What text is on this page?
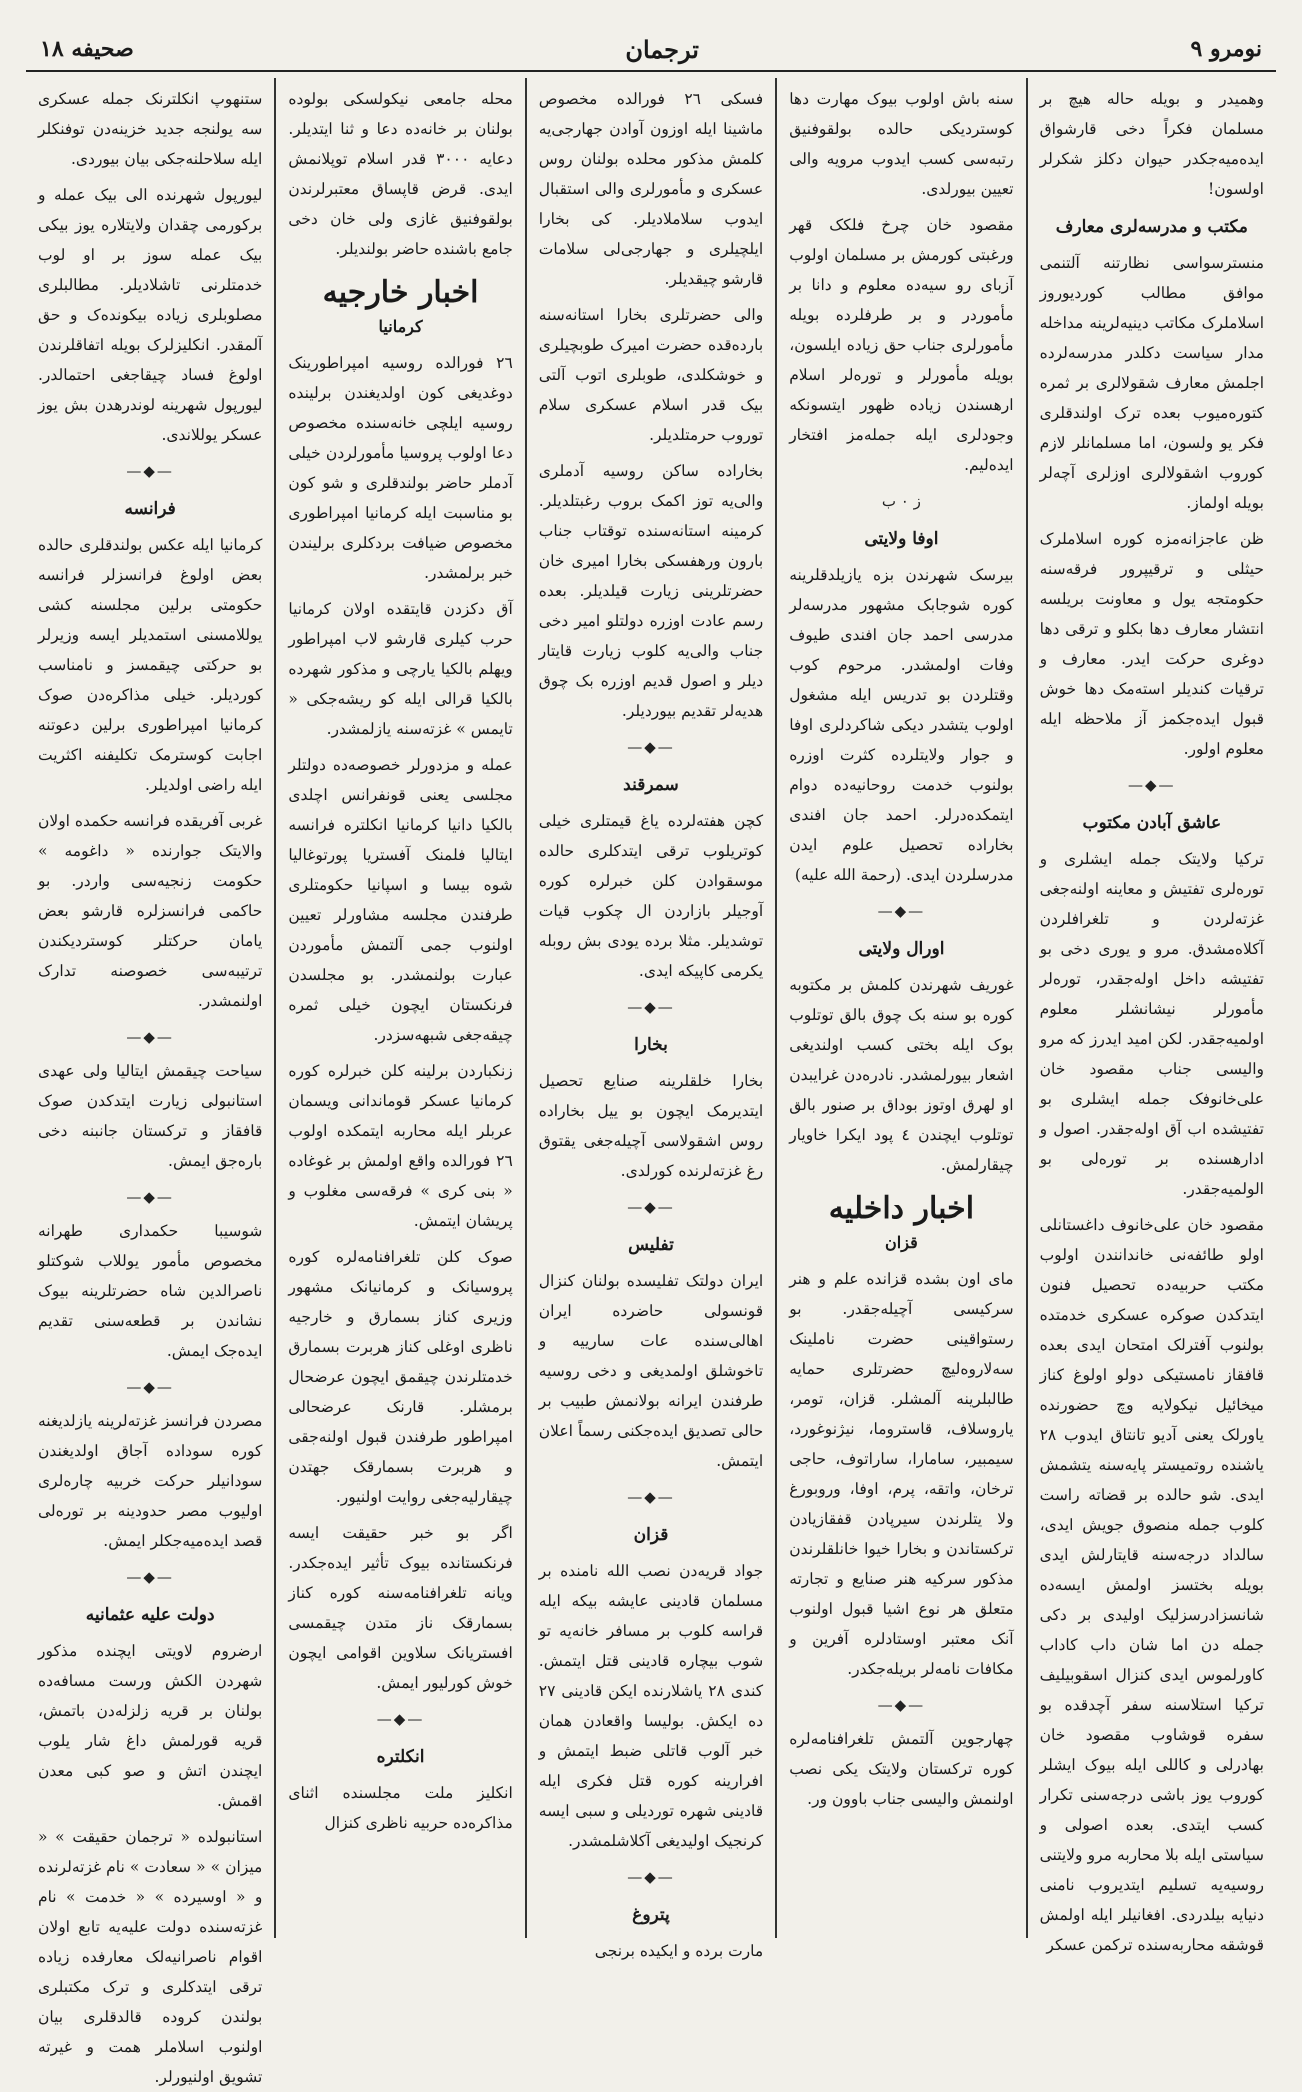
نومرو ۹
ترجمان
صحیفه ۱۸

وهمیدر و بویله حاله هیچ بر مسلمان فکراً دخی قارشواق ایده‌میه‌جکدر حیوان دکلز شکرلر اولسون!

مکتب و مدرسه‌لری معارف

منسترسواسی نظارتنه آلتنمی موافق مطالب کوردیوروز اسلاملرک مکاتب دینیه‌لرینه مداخله مدار سیاست دکلدر مدرسه‌لرده اجلمش معارف شقولالری بر ثمره کتوره‌میوب بعده ترک اولندقلری فکر یو ولسون، اما مسلمانلر لازم کوروب اشقولالری اوزلری آچه‌لر بویله اولماز.

ظن عاجزانه‌مزه کوره اسلاملرک حیثلی و ترقیپرور فرقه‌سنه حکومتجه یول و معاونت بریلسه انتشار معارف دها بکلو و ترقی دها دوغری حرکت ایدر. معارف و ترقیات کندیلر استه‌مک دها خوش قبول ایده‌جکمز آز ملاحظه ایله معلوم اولور.

—◆—
عاشق آبادن مکتوب

ترکیا ولایتک جمله ایشلری و توره‌لری تفتیش و معاینه اولنه‌جغی غزته‌لردن و تلغرافلردن آکلاه‌مشدق. مرو و یوری دخی بو تفتیشه داخل اوله‌جقدر، توره‌لر مأمورلر نیشانشلر معلوم اولمیه‌جقدر. لکن امید ایدرز که مرو والیسی جناب مقصود خان علی‌خانوفک جمله ایشلری بو تفتیشده اب آق اوله‌جقدر. اصول و ادارهسنده بر توره‌لی بو الولمیه‌جقدر.

مقصود خان علی‌خانوف داغستانلی اولو طائفه‌نی خاندانندن اولوب مکتب حربیه‌ده تحصیل فنون ایتدکدن صوکره عسکری خدمتده بولنوب آفترلک امتحان ایدی بعده قافقاز نامستیکی دولو اولوغ کناز میخائیل نیکولایه وچ حضورنده یاورلک یعنی آدیو تانتاق ایدوب ۲۸ یاشنده روتمیستر پایه‌سنه یتشمش ایدی. شو حالده بر قضاته راست کلوب جمله منصوق جویش ایدی، سالداد درجه‌سنه قایتارلش ایدی بویله بختسز اولمش ایسه‌ده شانسزادرسزلیک اولیدی بر دکی جمله دن اما شان داب کاداب کاورلموس ایدی کنزال اسقوبیلیف ترکیا استلاسنه سفر آچدقده بو سفره قوشاوب مقصود خان بهادرلی و کاللی ایله بیوک ایشلر کوروب یوز باشی درجه‌سنی تکرار کسب ایتدی. بعده اصولی و سیاستی ایله بلا محاربه مرو ولایتنی روسیه‌یه تسلیم ایتدیروب نامنی دنیایه بیلدردی. افغانیلر ایله اولمش قوشقه محاربه‌سنده ترکمن عسکر

سنه باش اولوب بیوک مهارت دها کوستردیکی حالده بولقوفنیق رتبه‌سی کسب ایدوب مرویه والی تعیین بیورلدی.

مقصود خان چرخ فلکک قهر ورغبتی کورمش بر مسلمان اولوب آزبای رو سیه‌ده معلوم و دانا بر مأموردر و بر طرفلرده بویله مأمورلری جناب حق زیاده ایلسون، بویله مأمورلر و توره‌لر اسلام ارهسندن زیاده ظهور ایتسونکه وجودلری ایله جمله‌مز افتخار ایده‌لیم.

ز ۰ ب
اوفا ولایتی

بیرسک شهرندن بزه یازیلدقلرینه کوره شوجابک مشهور مدرسه‌لر مدرسی احمد جان افندی طیوف وفات اولمشدر. مرحوم کوب وقتلردن بو تدریس ایله مشغول اولوب یتشدر دیکی شاکردلری اوفا و جوار ولایتلرده کثرت اوزره بولنوب خدمت روحانیه‌ده دوام ایتمکده‌درلر. احمد جان افندی بخاراده تحصیل علوم ایدن مدرسلردن ایدی. (رحمة الله علیه)

—◆—
اورال ولایتی

غوریف شهرندن کلمش بر مکتوبه کوره بو سنه بک چوق بالق توتلوب بوک ایله بختی کسب اولندیغی اشعار بیورلمشدر. نادره‌دن غرایبدن او لهرق اوتوز بوداق بر صنور بالق توتلوب ایچندن ٤ پود ایکرا خاویار چیقارلمش.

اخبار داخلیه
قزان

مای اون بشده قزانده علم و هنر سرکیسی آچیله‌جقدر. بو رستواقینی حضرت ناملینک سه‌لاروه‌لیچ حضرتلری حمایه طالبلرینه آلمشلر. قزان، تومر، یاروسلاف، قاستروما، نیژنوغورد، سیمبیر، سامارا، ساراتوف، حاجی ترخان، واتقه، پرم، اوفا، وروبورغ ولا یتلرندن سیرپادن قفقازیادن ترکستاندن و بخارا خیوا خانلقلرندن مذکور سرکیه هنر صنایع و تجارته متعلق هر نوع اشیا قبول اولنوب آنک معتبر اوستادلره آفرین و مکافات نامه‌لر بریله‌جکدر.

—◆—

چهارجوین آلتمش تلغرافنامه‌لره کوره ترکستان ولایتک یکی نصب اولنمش والیسی جناب باوون ور.

فسکی ۲٦ فورالده مخصوص ماشینا ایله اوزون آوادن جهارجی‌یه کلمش مذکور محلده بولنان روس عسکری و مأمورلری والی استقبال ایدوب سلاملادیلر. کی بخارا ایلچیلری و جهارجی‌لی سلامات قارشو چیقدیلر.

والی حضرتلری بخارا استانه‌سنه بارده‌قده حضرت امیرک طوبچیلری و خوشکلدی، طوبلری اتوب آلتی بیک قدر اسلام عسکری سلام توروب حرمتلدیلر.

بخاراده ساکن روسیه آدملری والی‌یه توز اکمک بروب رغبتلدیلر. کرمینه استانه‌سنده توقتاب جناب بارون ورهفسکی بخارا امیری خان حضرتلرینی زیارت قیلدیلر. بعده رسم عادت اوزره دولتلو امیر دخی جناب والی‌یه کلوب زیارت قایتار دیلر و اصول قدیم اوزره بک چوق هدیه‌لر تقدیم بیوردیلر.

—◆—
سمرقند

کچن هفته‌لرده یاغ قیمتلری خیلی کوتریلوب ترقی ایتدکلری حالده موسقوادن کلن خبرلره کوره آوجیلر بازاردن ال چکوب قیات توشدیلر. مثلا برده یودی بش روبله یکرمی کاپیکه ایدی.

—◆—
بخارا

بخارا خلقلرینه صنایع تحصیل ایتدیرمک ایچون بو ییل بخاراده روس اشقولاسی آچیله‌جغی یقتوق رغ غزته‌لرنده کورلدی.

—◆—
تفلیس

ایران دولتک تفلیسده بولنان کنزال قونسولی حاضرده ایران اهالی‌سنده عات سارییه و تاخوشلق اولمدیغی و دخی روسیه طرفندن ایرانه بولانمش طبیب بر حالی تصدیق ایده‌جکنی رسماً اعلان ایتمش.

—◆—
قزان

جواد قریه‌دن نصب الله نامنده بر مسلمان قادینی عایشه بیکه ایله قراسه کلوب بر مسافر خانه‌یه تو شوب بیچاره قادینی قتل ایتمش. کندی ۲۸ یاشلارنده ایکن قادینی ۲۷ ده ایکش. بولیسا واقعادن همان خبر آلوب قاتلی ضبط ایتمش و افرارینه کوره قتل فکری ایله قادینی شهره توردیلی و سبی ایسه کرنجیک اولیدیغی آکلاشلمشدر.

—◆—
پتروغ

مارت برده و ایکیده برنجی

محله جامعی نیکولسکی بولوده بولنان بر خانه‌ده دعا و ثنا ایتدیلر. دعایه ۳۰۰۰ قدر اسلام توپلانمش ایدی. قرض قاپساق معتبرلرندن بولقوفنیق غازی ولی خان دخی جامع باشنده حاضر بولندیلر.

اخبار خارجیه
کرمانیا

۲٦ فورالده روسیه امپراطورینک دوغدیغی کون اولدیغندن برلینده روسیه ایلچی خانه‌سنده مخصوص دعا اولوب پروسیا مأمورلردن خیلی آدملر حاضر بولندقلری و شو کون بو مناسبت ایله کرمانیا امپراطوری مخصوص ضیافت بردکلری برلیندن خبر برلمشدر.

آق دکزدن قایتقده اولان کرمانیا حرب کیلری قارشو لاب امپراطور ویهلم بالکیا یارچی و مذکور شهرده بالکیا قرالی ایله کو ریشه‌جکی « تایمس » غزته‌سنه یازلمشدر.

عمله و مزدورلر خصوصه‌ده دولتلر مجلسی یعنی قونفرانس اچلدی بالکیا دانیا کرمانیا انکلتره فرانسه ایتالیا فلمنک آفستریا پورتوغالیا شوه بیسا و اسپانیا حکومتلری طرفندن مجلسه مشاورلر تعیین اولنوب جمی آلتمش مأموردن عبارت بولنمشدر. بو مجلسدن فرنکستان ایچون خیلی ثمره چیقه‌جغی شبهه‌سزدر.

زنکباردن برلینه کلن خبرلره کوره کرمانیا عسکر قوماندانی ویسمان عربلر ایله محاربه ایتمکده اولوب ۲٦ فورالده واقع اولمش بر غوغاده « بنی کری » فرقه‌سی مغلوب و پریشان ایتمش.

صوک کلن تلغرافنامه‌لره کوره پروسیانک و کرمانیانک مشهور وزیری کناز بسمارق و خارجیه ناظری اوغلی کناز هربرت بسمارق خدمتلرندن چیقمق ایچون عرضحال برمشلر. قارنک عرضحالی امپراطور طرفندن قبول اولنه‌جقی و هربرت بسمارقک جهتدن چیقارلیه‌جغی روایت اولنیور.

اگر بو خبر حقیقت ایسه فرنکستانده بیوک تأثیر ایده‌جکدر. ویانه تلغرافنامه‌سنه کوره کناز بسمارقک ناز متدن چیقمسی افستریانک سلاوین اقوامی ایچون خوش کورلیور ایمش.

—◆—
انکلتره

انکلیز ملت مجلسنده اثنای مذاکره‌ده حربیه ناظری کنزال

ستنهوپ انکلترنک جمله عسکری سه یولنجه جدید خزینه‌دن توفنکلر ایله سلاحلنه‌جکی بیان بیوردی.

لیورپول شهرنده الی بیک عمله و برکورمی چقدان ولایتلاره یوز بیکی بیک عمله سوز بر او لوب خدمتلرنی تاشلادیلر. مطالبلری مصلوبلری زیاده بیکونده‌ک و حق آلمقدر. انکلیزلرک بویله اتفاقلرندن اولوغ فساد چیقاجغی احتمالدر. لیورپول شهرینه لوندرهدن بش یوز عسکر یوللاندی.

—◆—
فرانسه

کرمانیا ایله عکس بولندقلری حالده بعض اولوغ فرانسزلر فرانسه حکومتی برلین مجلسنه کشی یوللامسنی استمدیلر ایسه وزیرلر بو حرکتی چیقمسز و نامناسب کوردیلر. خیلی مذاکره‌دن صوک کرمانیا امپراطوری برلین دعوتنه اجابت کوسترمک تکلیفنه اکثریت ایله راضی اولدیلر.

غربی آفریقده فرانسه حکمده اولان والایتک جوارنده « داغومه » حکومت زنجیه‌سی واردر. بو حاکمی فرانسزلره قارشو بعض یامان حرکتلر کوستردیکندن ترتیبه‌سی خصوصنه تدارک اولنمشدر.

—◆—

سیاحت چیقمش ایتالیا ولی عهدی استانبولی زیارت ایتدکدن صوک قافقاز و ترکستان جانبنه دخی باره‌جق ایمش.

—◆—

شوسیبا حکمداری طهرانه مخصوص مأمور یوللاب شوکتلو ناصرالدین شاه حضرتلرینه بیوک نشاندن بر قطعه‌سنی تقدیم ایده‌جک ایمش.

—◆—

مصردن فرانسز غزته‌لرینه یازلدیغنه کوره سوداده آجاق اولدیغندن سودانیلر حرکت خربیه چاره‌لری اولیوب مصر حدودینه بر توره‌لی قصد ایده‌میه‌جکلر ایمش.

—◆—
دولت علیه عثمانیه

ارضروم لاویتی ایچنده مذکور شهردن الکش ورست مسافه‌ده بولنان بر قریه زلزله‌دن باتمش، قریه قورلمش داغ شار یلوب ایچندن اتش و صو کبی معدن اقمش.

استانبولده « ترجمان حقیقت » « میزان » « سعادت » نام غزته‌لرنده و « اوسیرده » « خدمت » نام غزته‌سنده دولت علیه‌یه تابع اولان اقوام ناصرانیه‌لک معارفده زیاده ترقی ایتدکلری و ترک مکتبلری بولندن کروده قالدقلری بیان اولنوب اسلاملر همت و غیرته تشویق اولنیورلر.
